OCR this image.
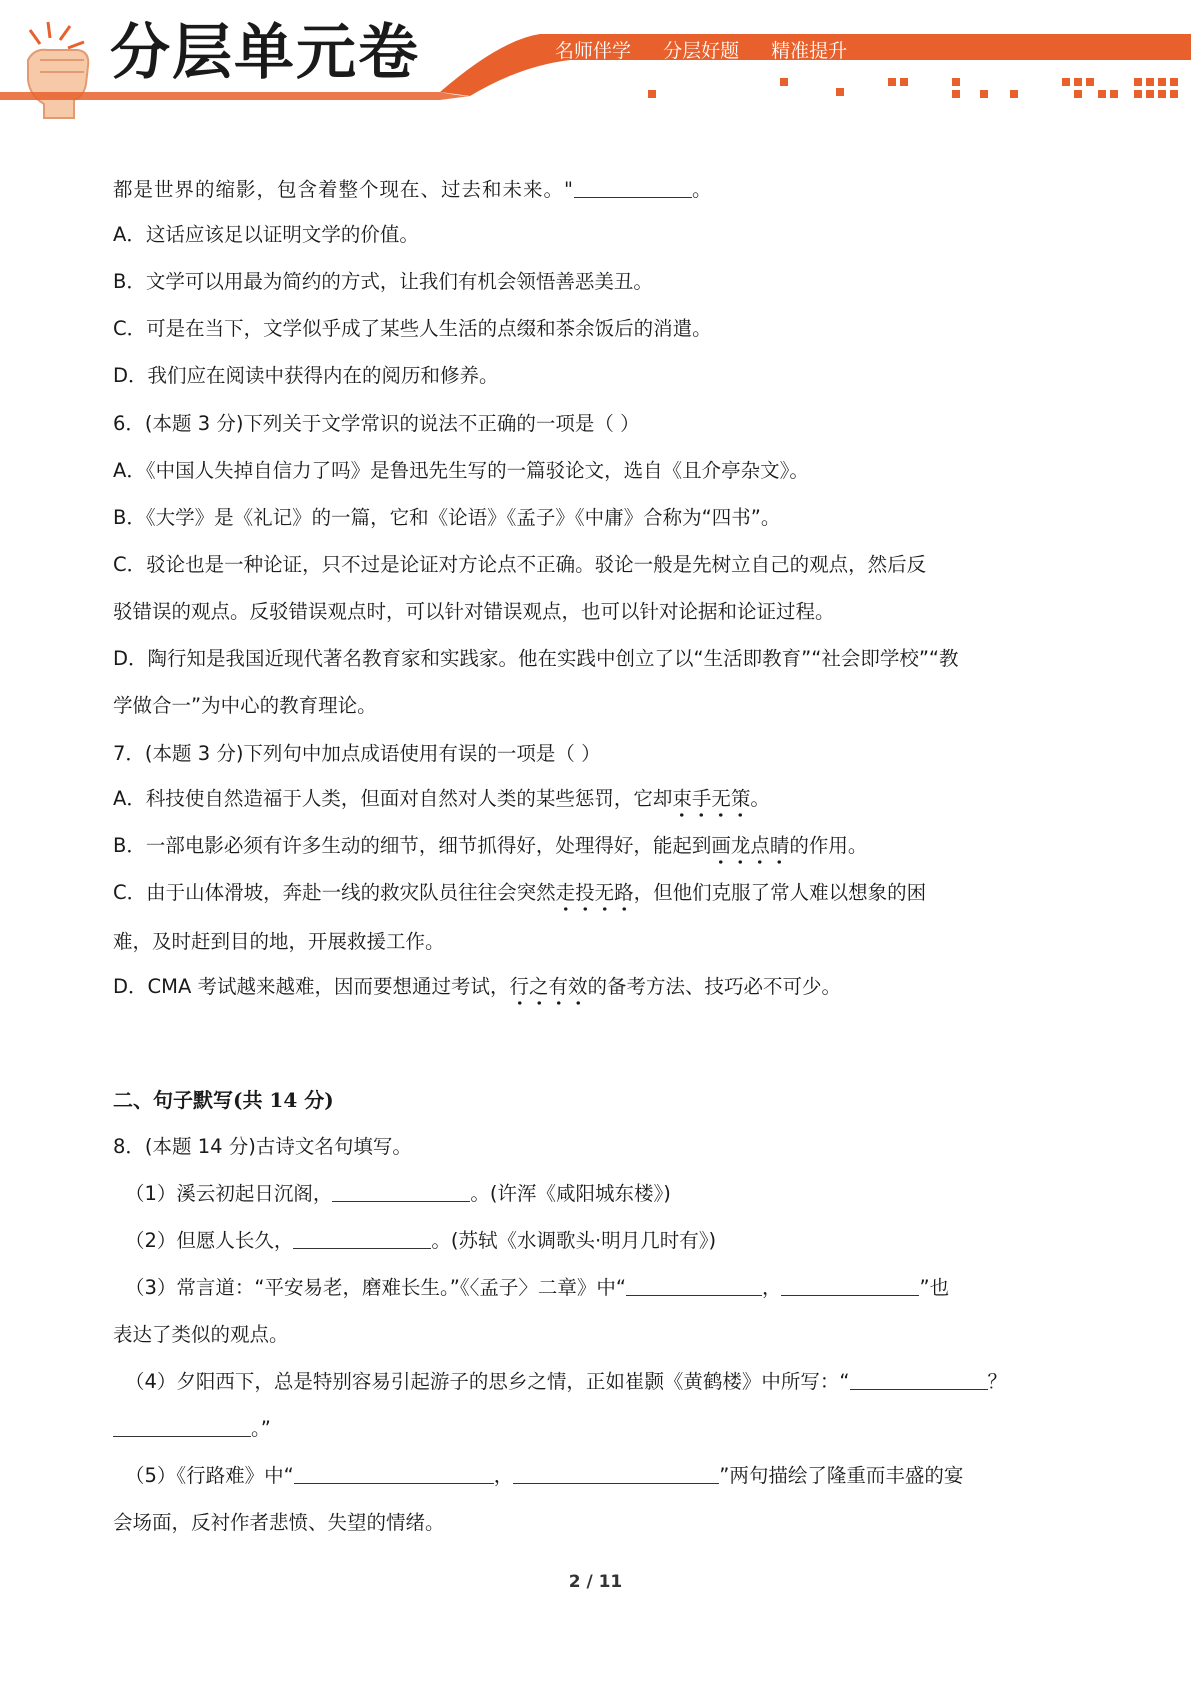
分层单元卷	名师伴学 分层好题 精准提升
都是世界的缩影，包含着整个现在、过去和未来。"	。
A．这话应该足以证明文学的价值。
B．文学可以用最为简约的方式，让我们有机会领悟善恶美丑。
C．可是在当下，文学似乎成了某些人生活的点缀和茶余饭后的消遣。
D．我们应在阅读中获得内在的阅历和修养。
6．(本题 3 分)下列关于文学常识的说法不正确的一项是（ ）
A．《中国人失掉自信力了吗》是鲁迅先生写的一篇驳论文，选自《且介亭杂文》。
B．《大学》是《礼记》的一篇，它和《论语》《孟子》《中庸》合称为“四书”。
C．驳论也是一种论证，只不过是论证对方论点不正确。驳论一般是先树立自己的观点，然后反
驳错误的观点。反驳错误观点时，可以针对错误观点，也可以针对论据和论证过程。
D．陶行知是我国近现代著名教育家和实践家。他在实践中创立了以“生活即教育”“社会即学校”“教
学做合一”为中心的教育理论。
7．(本题 3 分)下列句中加点成语使用有误的一项是（ ）
A．科技使自然造福于人类，但面对自然对人类的某些惩罚，它却束手无策。
B．一部电影必须有许多生动的细节，细节抓得好，处理得好，能起到画龙点睛的作用。
C．由于山体滑坡，奔赴一线的救灾队员往往会突然走投无路，但他们克服了常人难以想象的困
难，及时赶到目的地，开展救援工作。
D．CMA 考试越来越难，因而要想通过考试，行之有效的备考方法、技巧必不可少。
二、句子默写(共 14 分)
8．(本题 14 分)古诗文名句填写。
（1）溪云初起日沉阁，	。(许浑《咸阳城东楼》)
（2）但愿人长久，	。(苏轼《水调歌头·明月几时有》)
（3）常言道：“平安易老，磨难长生。”《〈孟子〉二章》中“	，	”也
表达了类似的观点。
（4）夕阳西下，总是特别容易引起游子的思乡之情，正如崔颢《黄鹤楼》中所写：“	？
。”
（5）《行路难》中“	，	”两句描绘了隆重而丰盛的宴
会场面，反衬作者悲愤、失望的情绪。
2 / 11
